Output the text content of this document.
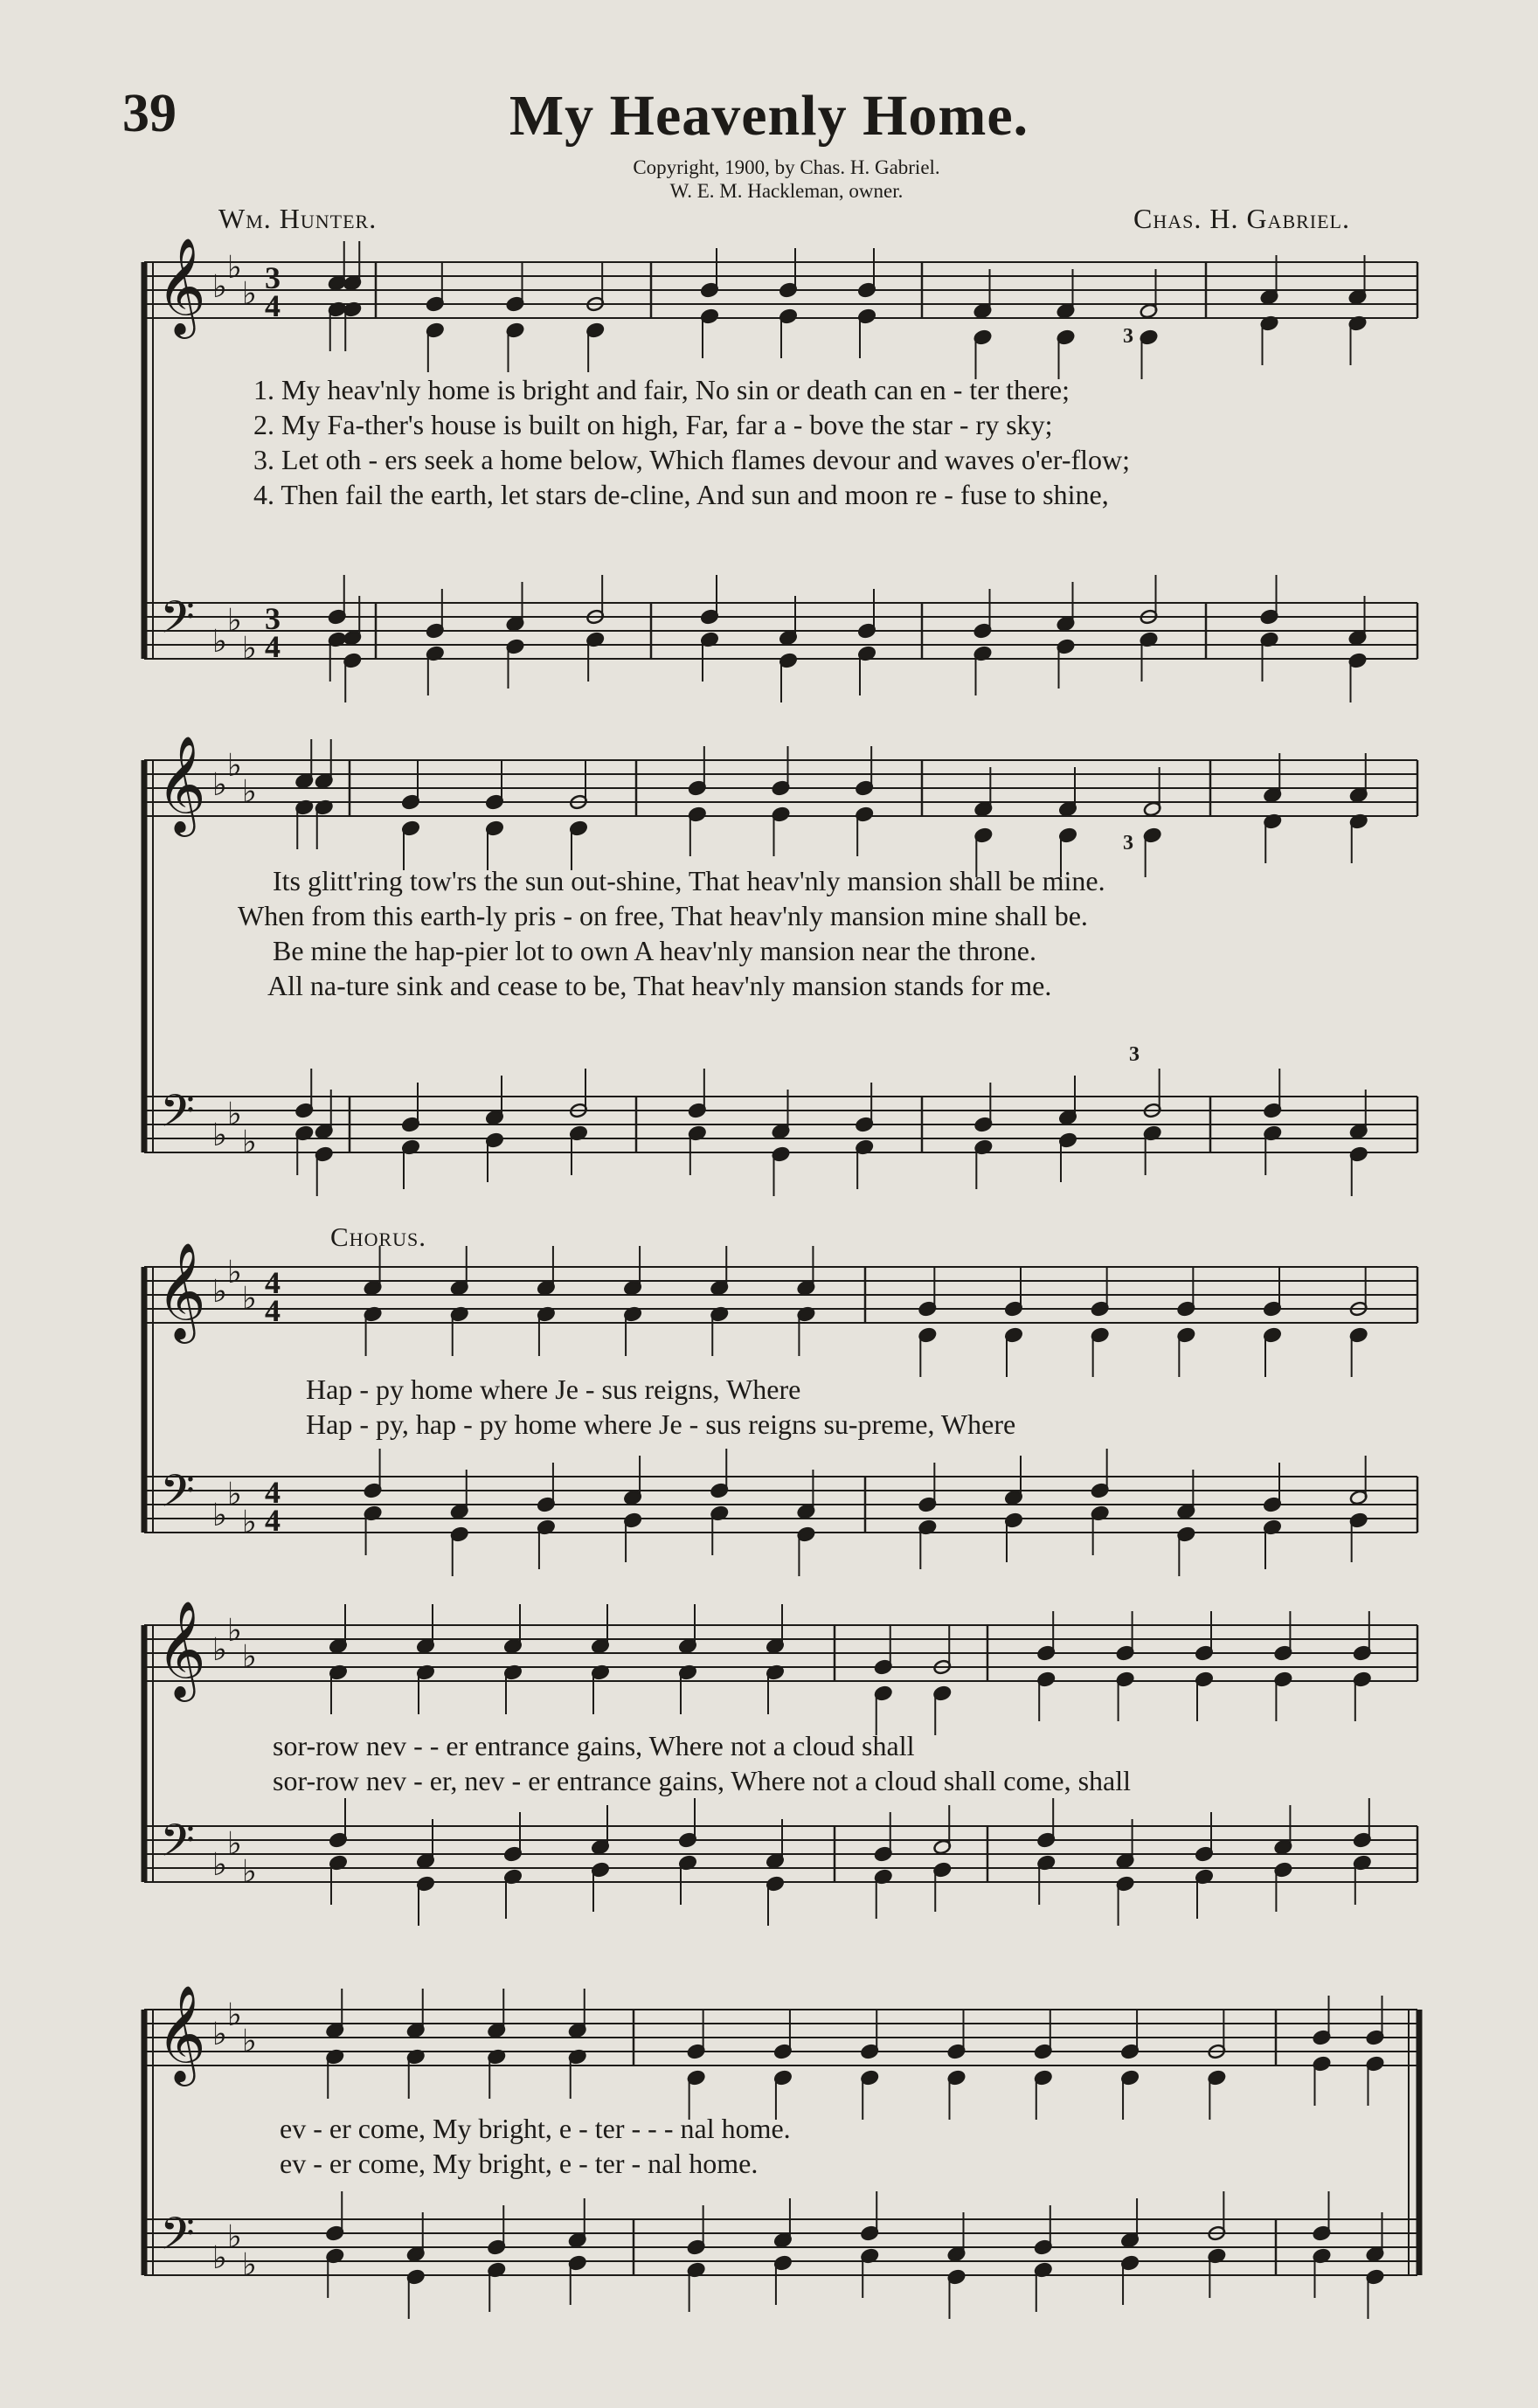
39	My Heavenly Home.
Copyright, 1900, by Chas. H. Gabriel.
W. E. M. Hackleman, owner.
Wm. Hunter.	Chas. H. Gabriel.
𝄞
𝄢
♭
♭
♭
♭
♭
♭
3
4
3
4
𝄞
𝄢
♭
♭
♭
♭
♭
♭
𝄞
𝄢
♭
♭
♭
♭
♭
♭
4
4
4
4
𝄞
𝄢
♭
♭
♭
♭
♭
♭
𝄞
𝄢
♭
♭
♭
♭
♭
♭
3
3
3
1. My heav'nly home is bright and fair, No sin or death can en - ter there;
2. My Fa-ther's house is built on high, Far, far a - bove the star - ry sky;
3. Let oth - ers seek a home below, Which flames devour and waves o'er-flow;
4. Then fail the earth, let stars de-cline, And sun and moon re - fuse to shine,
Its glitt'ring tow'rs the sun out-shine, That heav'nly mansion shall be mine.
When from this earth-ly pris - on free, That heav'nly mansion mine shall be.
Be mine the hap-pier lot to own A heav'nly mansion near the throne.
All na-ture sink and cease to be, That heav'nly mansion stands for me.
Chorus.
Hap - py home where Je - sus reigns, Where
Hap - py, hap - py home where Je - sus reigns su-preme, Where
sor-row nev - - er entrance gains, Where not a cloud shall
sor-row nev - er, nev - er entrance gains, Where not a cloud shall come, shall
ev - er come, My bright, e - ter - - - nal home.
ev - er come, My bright, e - ter - nal home.
